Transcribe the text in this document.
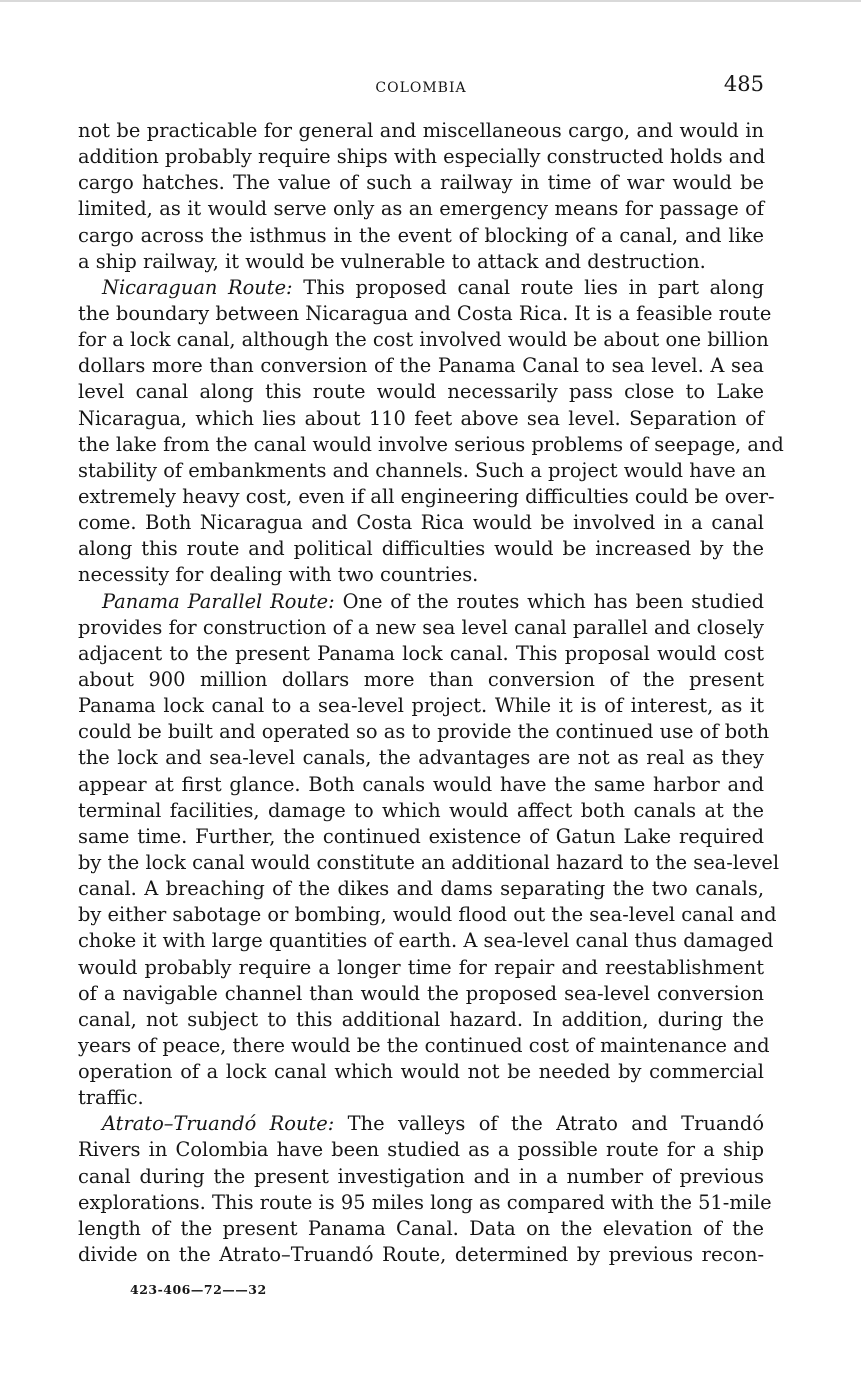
COLOMBIA	485
not be practicable for general and miscellaneous cargo, and would in
addition probably require ships with especially constructed holds and
cargo hatches. The value of such a railway in time of war would be
limited, as it would serve only as an emergency means for passage of
cargo across the isthmus in the event of blocking of a canal, and like
a ship railway, it would be vulnerable to attack and destruction.
Nicaraguan Route: This proposed canal route lies in part along
the boundary between Nicaragua and Costa Rica. It is a feasible route
for a lock canal, although the cost involved would be about one billion
dollars more than conversion of the Panama Canal to sea level. A sea
level canal along this route would necessarily pass close to Lake
Nicaragua, which lies about 110 feet above sea level. Separation of
the lake from the canal would involve serious problems of seepage, and
stability of embankments and channels. Such a project would have an
extremely heavy cost, even if all engineering difficulties could be over-
come. Both Nicaragua and Costa Rica would be involved in a canal
along this route and political difficulties would be increased by the
necessity for dealing with two countries.
Panama Parallel Route: One of the routes which has been studied
provides for construction of a new sea level canal parallel and closely
adjacent to the present Panama lock canal. This proposal would cost
about 900 million dollars more than conversion of the present
Panama lock canal to a sea-level project. While it is of interest, as it
could be built and operated so as to provide the continued use of both
the lock and sea-level canals, the advantages are not as real as they
appear at first glance. Both canals would have the same harbor and
terminal facilities, damage to which would affect both canals at the
same time. Further, the continued existence of Gatun Lake required
by the lock canal would constitute an additional hazard to the sea-level
canal. A breaching of the dikes and dams separating the two canals,
by either sabotage or bombing, would flood out the sea-level canal and
choke it with large quantities of earth. A sea-level canal thus damaged
would probably require a longer time for repair and reestablishment
of a navigable channel than would the proposed sea-level conversion
canal, not subject to this additional hazard. In addition, during the
years of peace, there would be the continued cost of maintenance and
operation of a lock canal which would not be needed by commercial
traffic.
Atrato–Truandó Route: The valleys of the Atrato and Truandó
Rivers in Colombia have been studied as a possible route for a ship
canal during the present investigation and in a number of previous
explorations. This route is 95 miles long as compared with the 51-mile
length of the present Panama Canal. Data on the elevation of the
divide on the Atrato–Truandó Route, determined by previous recon-
423-406—72——32
